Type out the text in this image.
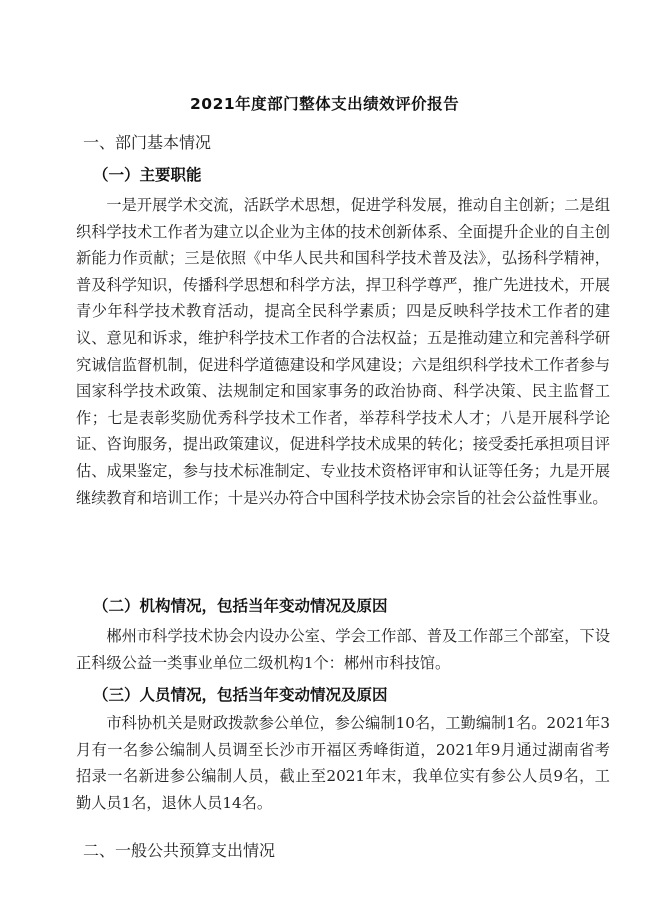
2021年度部门整体支出绩效评价报告
一、部门基本情况
（一）主要职能

一是开展学术交流，活跃学术思想，促进学科发展，推动自主创新；二是组织科学技术工作者为建立以企业为主体的技术创新体系、全面提升企业的自主创新能力作贡献；三是依照《中华人民共和国科学技术普及法》，弘扬科学精神，普及科学知识，传播科学思想和科学方法，捍卫科学尊严，推广先进技术，开展青少年科学技术教育活动，提高全民科学素质；四是反映科学技术工作者的建议、意见和诉求，维护科学技术工作者的合法权益；五是推动建立和完善科学研究诚信监督机制，促进科学道德建设和学风建设；六是组织科学技术工作者参与国家科学技术政策、法规制定和国家事务的政治协商、科学决策、民主监督工作；七是表彰奖励优秀科学技术工作者，举荐科学技术人才；八是开展科学论证、咨询服务，提出政策建议，促进科学技术成果的转化；接受委托承担项目评估、成果鉴定，参与技术标准制定、专业技术资格评审和认证等任务；九是开展继续教育和培训工作；十是兴办符合中国科学技术协会宗旨的社会公益性事业。

（二）机构情况，包括当年变动情况及原因

郴州市科学技术协会内设办公室、学会工作部、普及工作部三个部室，下设正科级公益一类事业单位二级机构1个：郴州市科技馆。

（三）人员情况，包括当年变动情况及原因

市科协机关是财政拨款参公单位，参公编制10名，工勤编制1名。2021年3月有一名参公编制人员调至长沙市开福区秀峰街道，2021年9月通过湖南省考招录一名新进参公编制人员，截止至2021年末，我单位实有参公人员9名，工勤人员1名，退休人员14名。

二、一般公共预算支出情况
